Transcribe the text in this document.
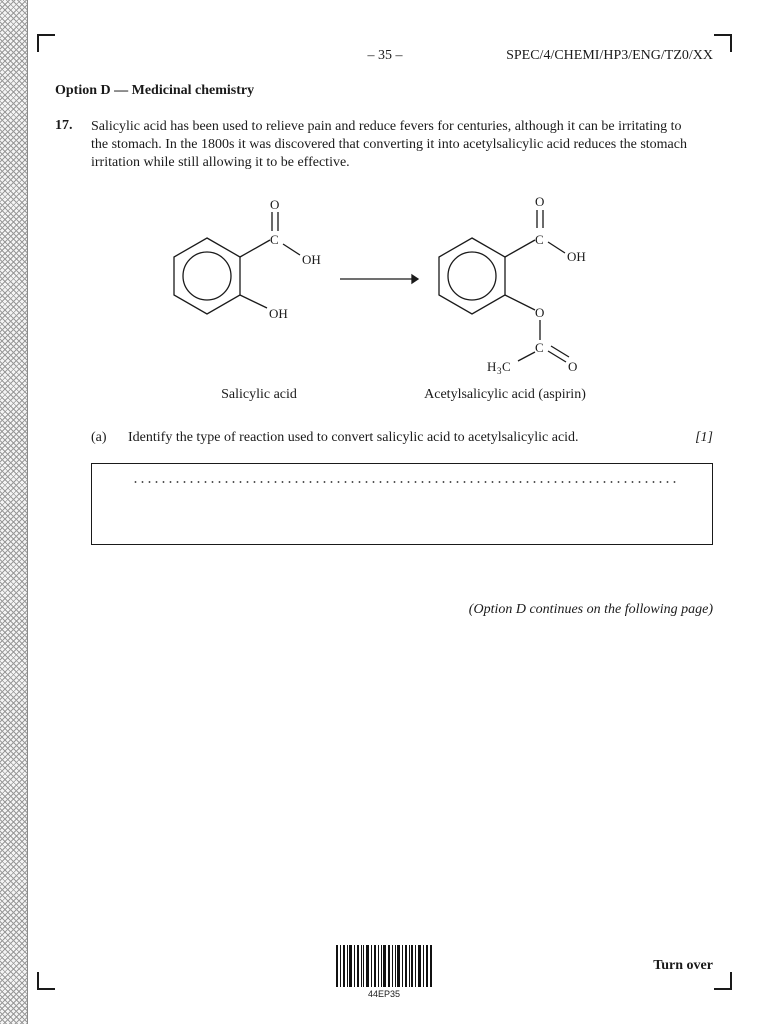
– 35 –	SPEC/4/CHEMI/HP3/ENG/TZ0/XX
Option D — Medicinal chemistry
17. Salicylic acid has been used to relieve pain and reduce fevers for centuries, although it can be irritating to the stomach. In the 1800s it was discovered that converting it into acetylsalicylic acid reduces the stomach irritation while still allowing it to be effective.
O
C
OH
OH
O
C
OH
O
C
O
H 3 C
Salicylic acid	Acetylsalicylic acid (aspirin)
(a) Identify the type of reaction used to convert salicylic acid to acetylsalicylic acid.	[1]
(Option D continues on the following page)
44EP35
Turn over
